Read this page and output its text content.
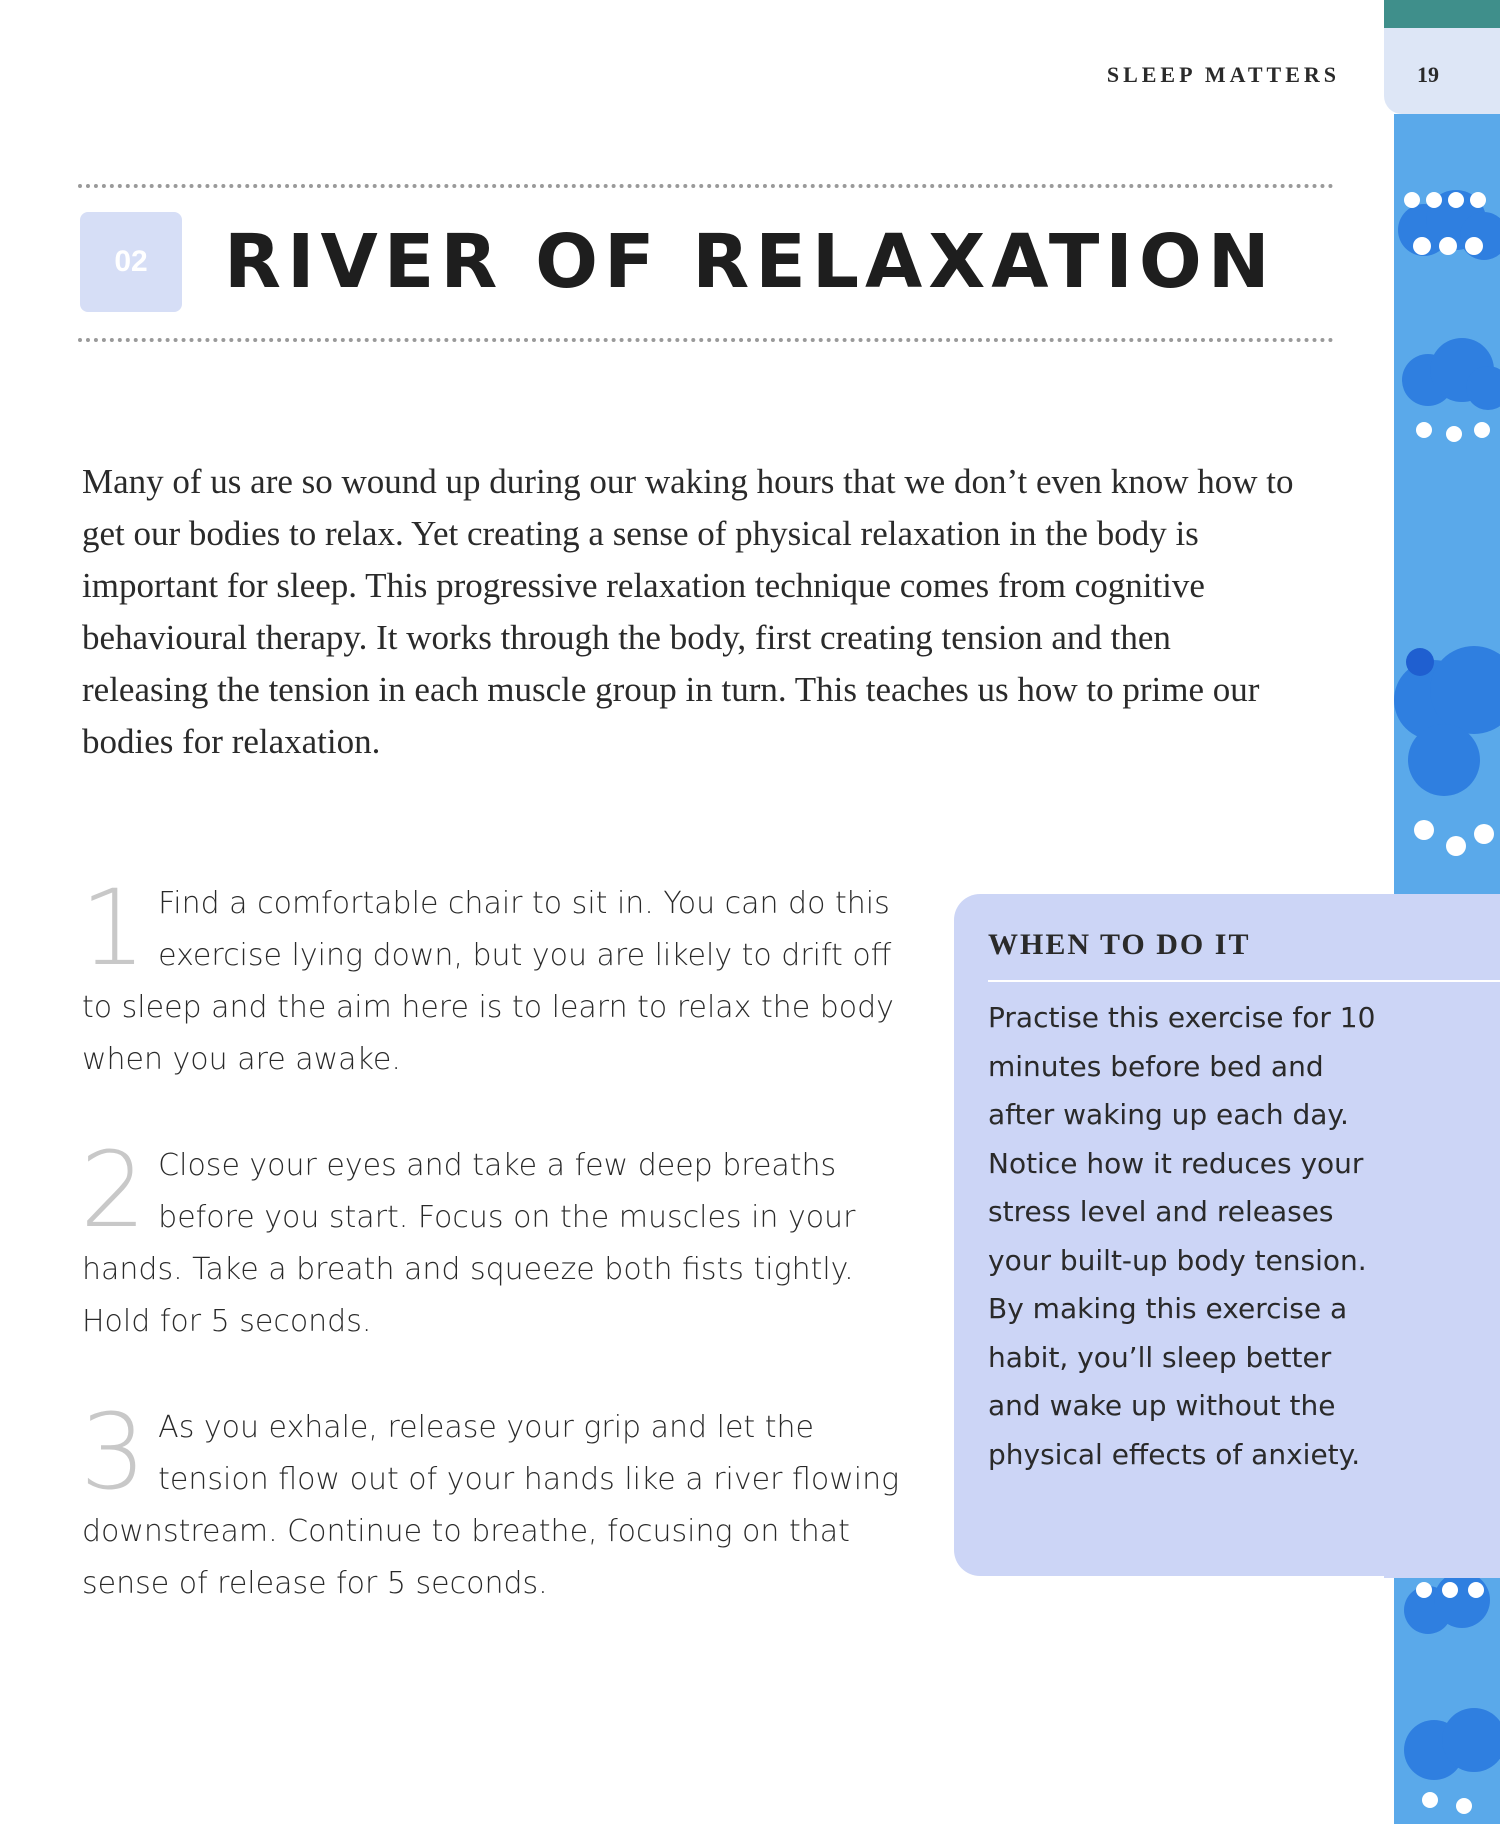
SLEEP MATTERS	19
02	RIVER OF RELAXATION

Many of us are so wound up during our waking hours that we don’t even know how to get our bodies to relax. Yet creating a sense of physical relaxation in the body is important for sleep. This progressive relaxation technique comes from cognitive behavioural therapy. It works through the body, first creating tension and then releasing the tension in each muscle group in turn. This teaches us how to prime our bodies for relaxation.

1 Find a comfortable chair to sit in. You can do this exercise lying down, but you are likely to drift off to sleep and the aim here is to learn to relax the body when you are awake.
2 Close your eyes and take a few deep breaths before you start. Focus on the muscles in your hands. Take a breath and squeeze both fists tightly. Hold for 5 seconds.
3 As you exhale, release your grip and let the tension flow out of your hands like a river flowing downstream. Continue to breathe, focusing on that sense of release for 5 seconds.
WHEN TO DO IT

Practise this exercise for 10 minutes before bed and after waking up each day. Notice how it reduces your stress level and releases your built-up body tension. By making this exercise a habit, you’ll sleep better and wake up without the physical effects of anxiety.
